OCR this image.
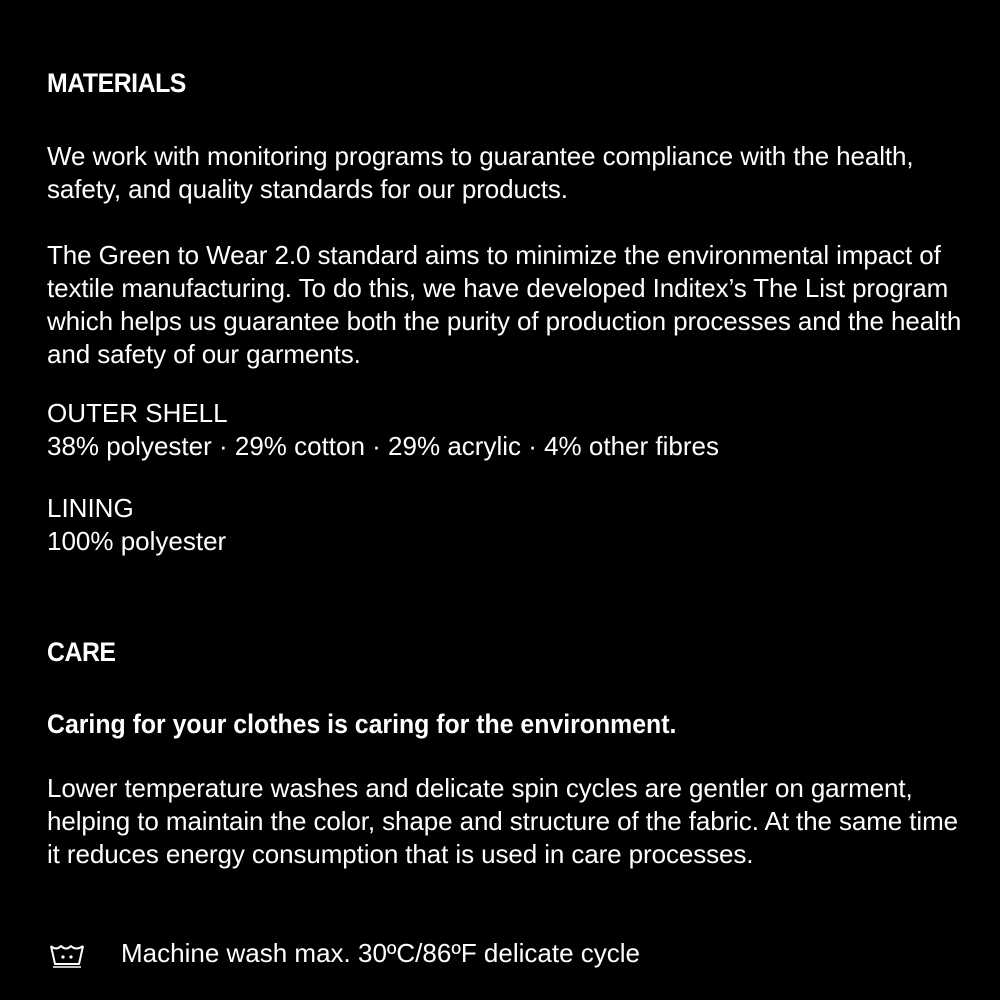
MATERIALS
We work with monitoring programs to guarantee compliance with the health, safety, and quality standards for our products.
The Green to Wear 2.0 standard aims to minimize the environmental impact of textile manufacturing. To do this, we have developed Inditex’s The List program which helps us guarantee both the purity of production processes and the health and safety of our garments.
OUTER SHELL
38% polyester · 29% cotton · 29% acrylic · 4% other fibres
LINING
100% polyester
CARE
Caring for your clothes is caring for the environment.
Lower temperature washes and delicate spin cycles are gentler on garment, helping to maintain the color, shape and structure of the fabric. At the same time it reduces energy consumption that is used in care processes.
Machine wash max. 30ºC/86ºF delicate cycle
